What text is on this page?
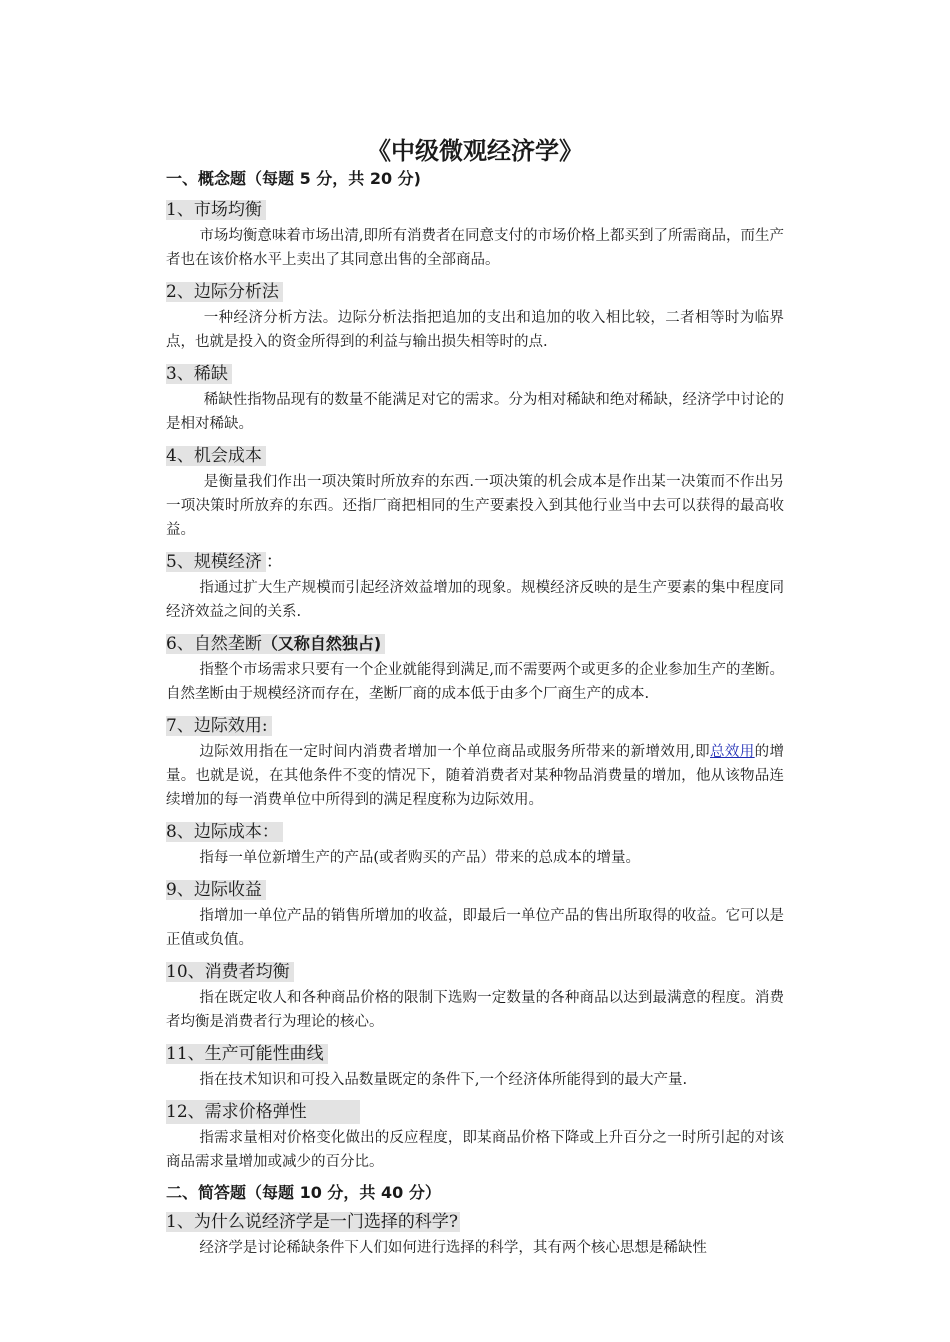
《中级微观经济学》
一、概念题（每题 5 分，共 20 分)
1、市场均衡
市场均衡意味着市场出清,即所有消费者在同意支付的市场价格上都买到了所需商品，而生产者也在该价格水平上卖出了其同意出售的全部商品。
2、边际分析法
一种经济分析方法。边际分析法指把追加的支出和追加的收入相比较，二者相等时为临界点，也就是投入的资金所得到的利益与输出损失相等时的点.
3、稀缺
稀缺性指物品现有的数量不能满足对它的需求。分为相对稀缺和绝对稀缺，经济学中讨论的是相对稀缺。
4、机会成本
是衡量我们作出一项决策时所放弃的东西.一项决策的机会成本是作出某一决策而不作出另一项决策时所放弃的东西。还指厂商把相同的生产要素投入到其他行业当中去可以获得的最高收益。
5、规模经济 ：
指通过扩大生产规模而引起经济效益增加的现象。规模经济反映的是生产要素的集中程度同经济效益之间的关系.
6、自然垄断（又称自然独占)
指整个市场需求只要有一个企业就能得到满足,而不需要两个或更多的企业参加生产的垄断。自然垄断由于规模经济而存在，垄断厂商的成本低于由多个厂商生产的成本.
7、边际效用:
边际效用指在一定时间内消费者增加一个单位商品或服务所带来的新增效用,即总效用的增量。也就是说，在其他条件不变的情况下，随着消费者对某种物品消费量的增加，他从该物品连续增加的每一消费单位中所得到的满足程度称为边际效用。
8、边际成本：
指每一单位新增生产的产品(或者购买的产品）带来的总成本的增量。
9、边际收益
指增加一单位产品的销售所增加的收益，即最后一单位产品的售出所取得的收益。它可以是正值或负值。
10、消费者均衡
指在既定收人和各种商品价格的限制下选购一定数量的各种商品以达到最满意的程度。消费者均衡是消费者行为理论的核心。
11、生产可能性曲线
指在技术知识和可投入品数量既定的条件下,一个经济体所能得到的最大产量.
12、需求价格弹性
指需求量相对价格变化做出的反应程度，即某商品价格下降或上升百分之一时所引起的对该商品需求量增加或减少的百分比。
二、简答题（每题 10 分，共 40 分）
1、为什么说经济学是一门选择的科学?
经济学是讨论稀缺条件下人们如何进行选择的科学，其有两个核心思想是稀缺性
